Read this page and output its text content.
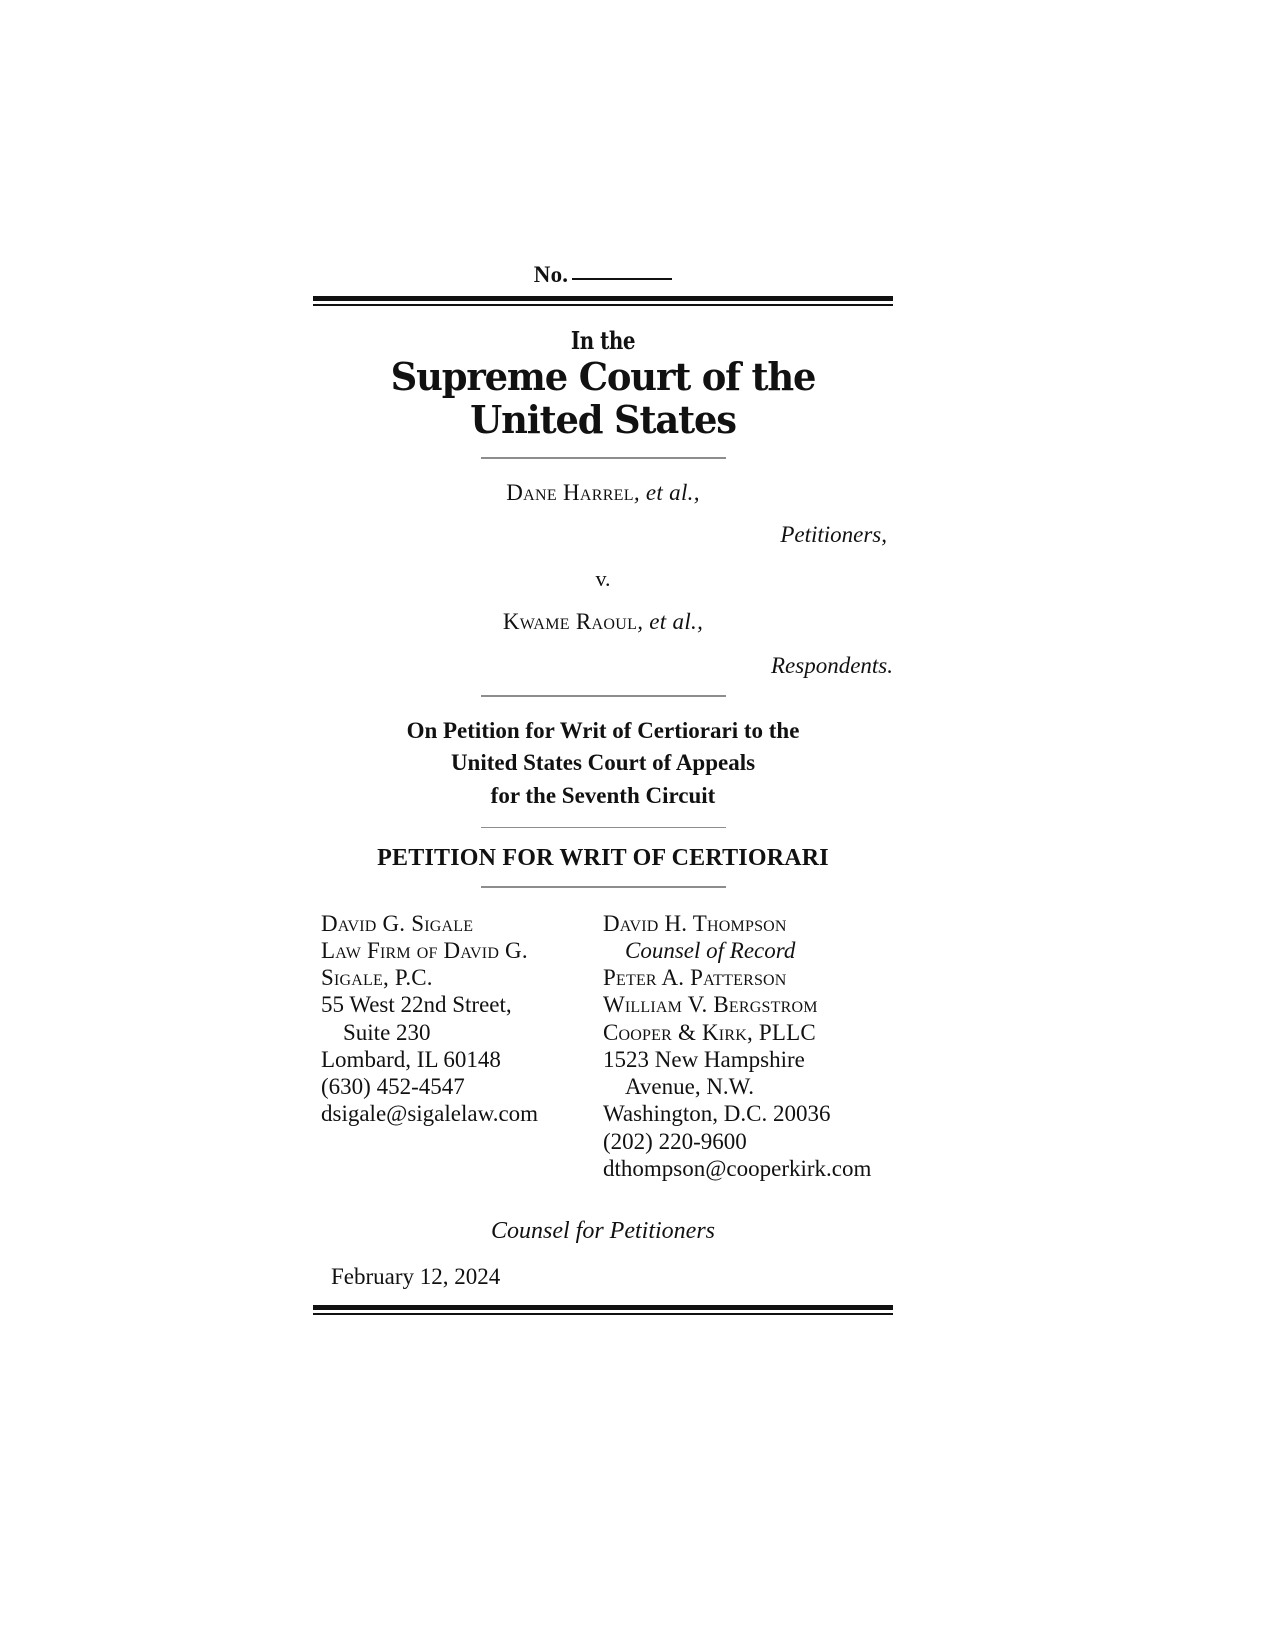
No.
In the
Supreme Court of the United States
Dane Harrel, et al.,
Petitioners,
v.
Kwame Raoul, et al.,
Respondents.
On Petition for Writ of Certiorari to the
United States Court of Appeals
for the Seventh Circuit
PETITION FOR WRIT OF CERTIORARI
David G. Sigale
Law Firm of David G.
Sigale, P.C.
55 West 22nd Street,
Suite 230
Lombard, IL 60148
(630) 452-4547
dsigale@sigalelaw.com
David H. Thompson
Counsel of Record
Peter A. Patterson
William V. Bergstrom
Cooper & Kirk, PLLC
1523 New Hampshire
Avenue, N.W.
Washington, D.C. 20036
(202) 220-9600
dthompson@cooperkirk.com
Counsel for Petitioners
February 12, 2024
